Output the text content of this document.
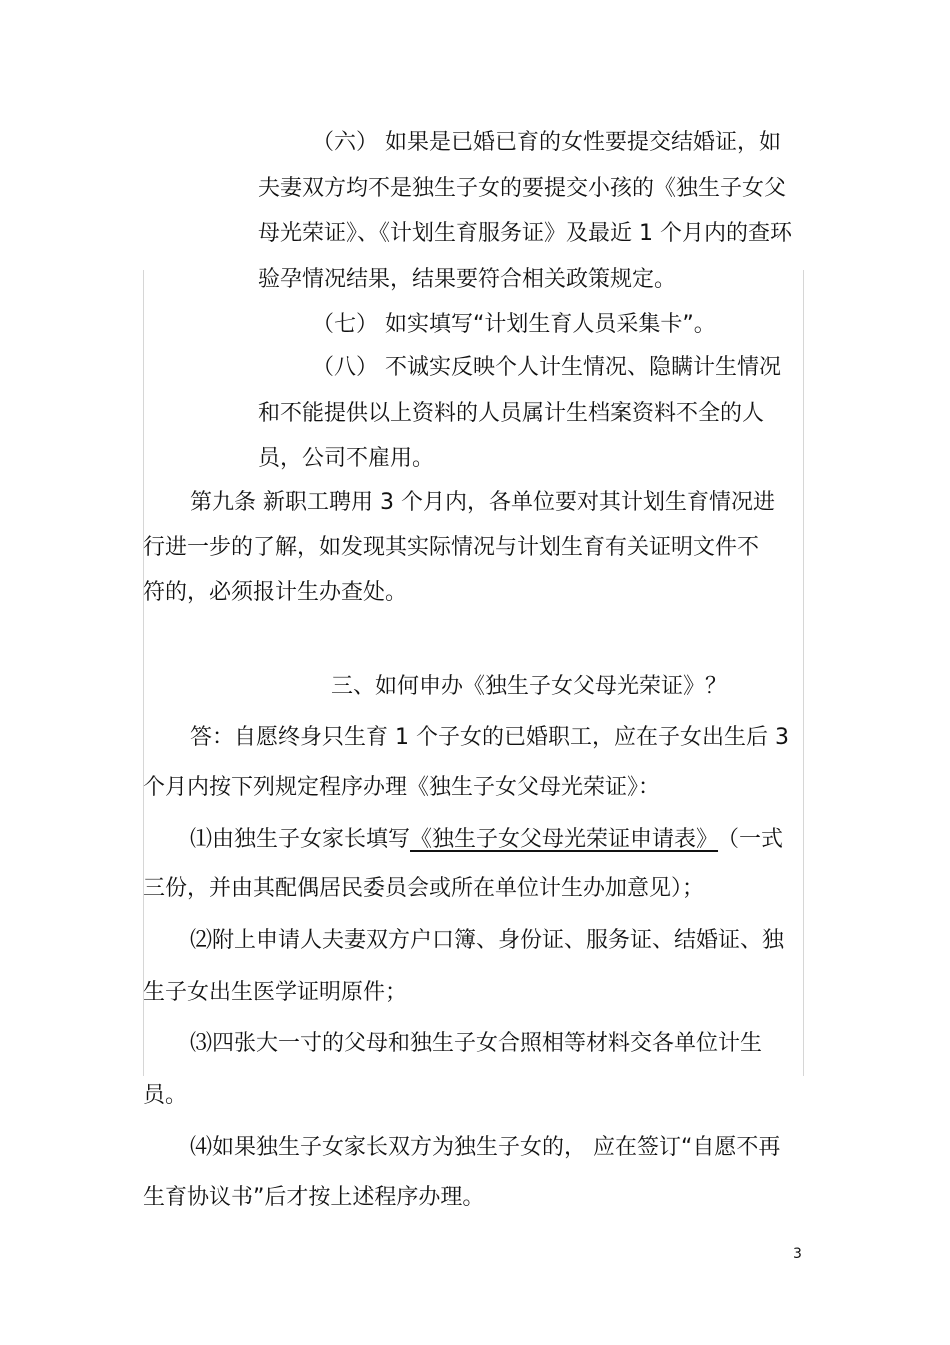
（六） 如果是已婚已育的女性要提交结婚证，如
夫妻双方均不是独生子女的要提交小孩的《独生子女父
母光荣证》、《计划生育服务证》及最近 1 个月内的查环
验孕情况结果，结果要符合相关政策规定。
（七） 如实填写“计划生育人员采集卡”。
（八） 不诚实反映个人计生情况、隐瞒计生情况
和不能提供以上资料的人员属计生档案资料不全的人
员，公司不雇用。
第九条 新职工聘用 3 个月内，各单位要对其计划生育情况进
行进一步的了解，如发现其实际情况与计划生育有关证明文件不
符的，必须报计生办查处。
三、如何申办《独生子女父母光荣证》？
答：自愿终身只生育 1 个子女的已婚职工，应在子女出生后 3
个月内按下列规定程序办理《独生子女父母光荣证》：
⑴由独生子女家长填写《独生子女父母光荣证申请表》 （一式
三份，并由其配偶居民委员会或所在单位计生办加意见）；
⑵附上申请人夫妻双方户口簿、身份证、服务证、结婚证、独
生子女出生医学证明原件；
⑶四张大一寸的父母和独生子女合照相等材料交各单位计生
员。
⑷如果独生子女家长双方为独生子女的， 应在签订“自愿不再
生育协议书”后才按上述程序办理。
3
